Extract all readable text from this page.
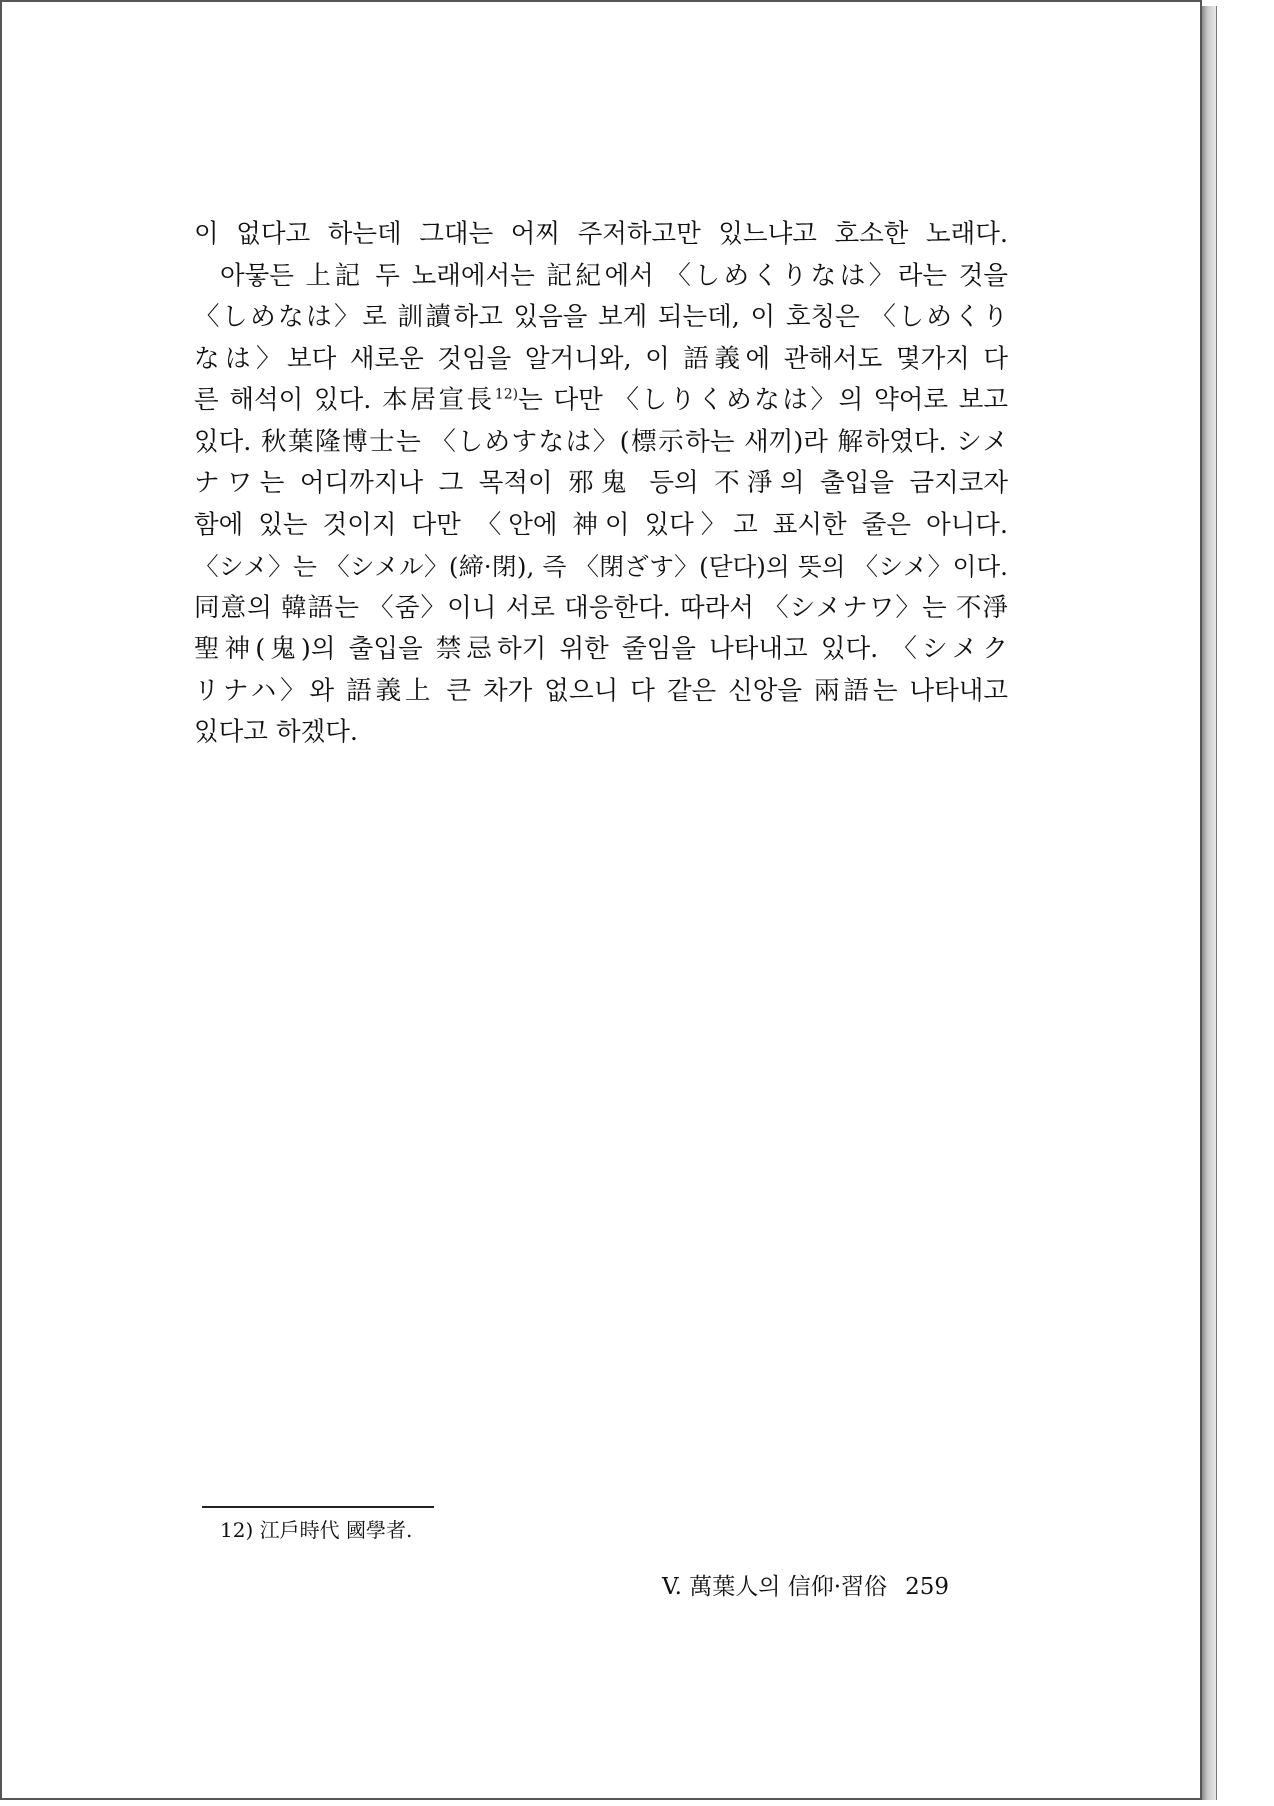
이 없다고 하는데 그대는 어찌 주저하고만 있느냐고 호소한 노래다.
아뭏든 上記 두 노래에서는 記紀에서 〈しめくりなは〉라는 것을
〈しめなは〉로 訓讀하고 있음을 보게 되는데, 이 호칭은 〈しめくり
なは〉보다 새로운 것임을 알거니와, 이 語義에 관해서도 몇가지 다
른 해석이 있다. 本居宣長$^{12)}$는 다만 〈しりくめなは〉의 약어로 보고
있다. 秋葉隆博士는 〈しめすなは〉(標示하는 새끼)라 解하였다. シメ
ナワ는 어디까지나 그 목적이 邪鬼 등의 不淨의 출입을 금지코자
함에 있는 것이지 다만 〈안에 神이 있다〉고 표시한 줄은 아니다.
〈シメ〉는 〈シメル〉(締·閉), 즉 〈閉ざす〉(닫다)의 뜻의 〈シメ〉이다.
同意의 韓語는 〈줌〉이니 서로 대응한다. 따라서 〈シメナワ〉는 不淨
聖神(鬼)의 출입을 禁忌하기 위한 줄임을 나타내고 있다. 〈シメク
リナハ〉와 語義上 큰 차가 없으니 다 같은 신앙을 兩語는 나타내고
있다고 하겠다.
12) 江戶時代 國學者.
V. 萬葉人의 信仰·習俗 259
